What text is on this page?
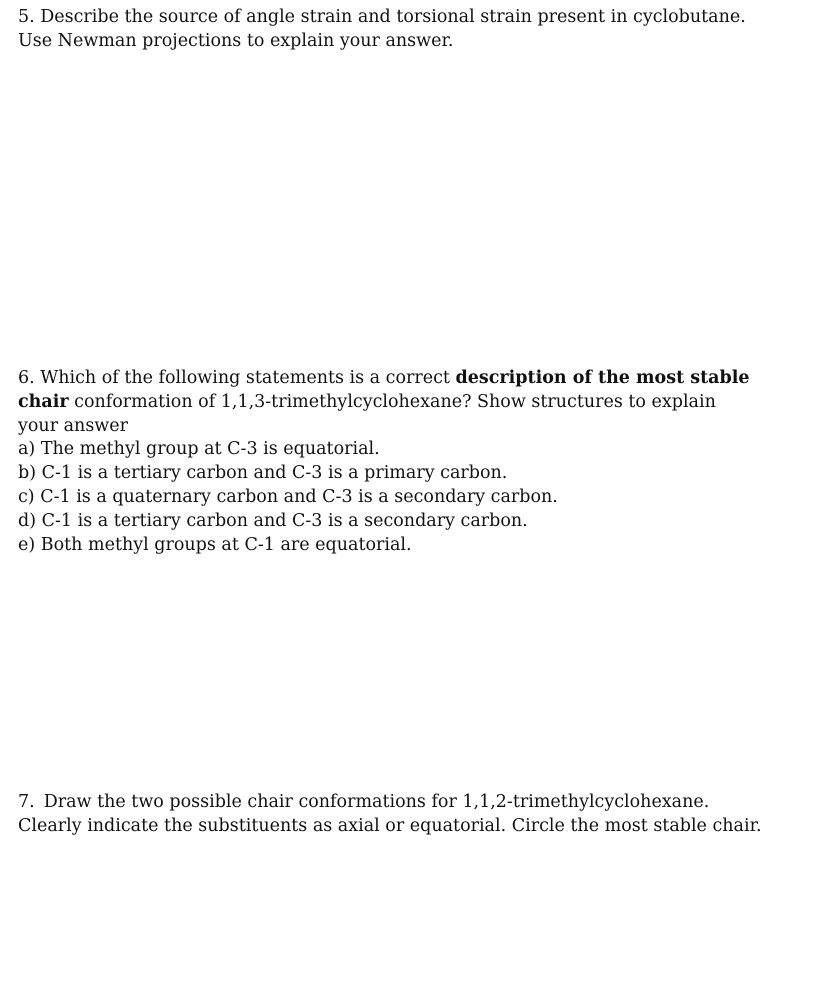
5. Describe the source of angle strain and torsional strain present in cyclobutane.
Use Newman projections to explain your answer.
6. Which of the following statements is a correct description of the most stable
chair conformation of 1,1,3-trimethylcyclohexane? Show structures to explain
your answer
a) The methyl group at C-3 is equatorial.
b) C-1 is a tertiary carbon and C-3 is a primary carbon.
c) C-1 is a quaternary carbon and C-3 is a secondary carbon.
d) C-1 is a tertiary carbon and C-3 is a secondary carbon.
e) Both methyl groups at C-1 are equatorial.
7. Draw the two possible chair conformations for 1,1,2-trimethylcyclohexane.
Clearly indicate the substituents as axial or equatorial. Circle the most stable chair.
